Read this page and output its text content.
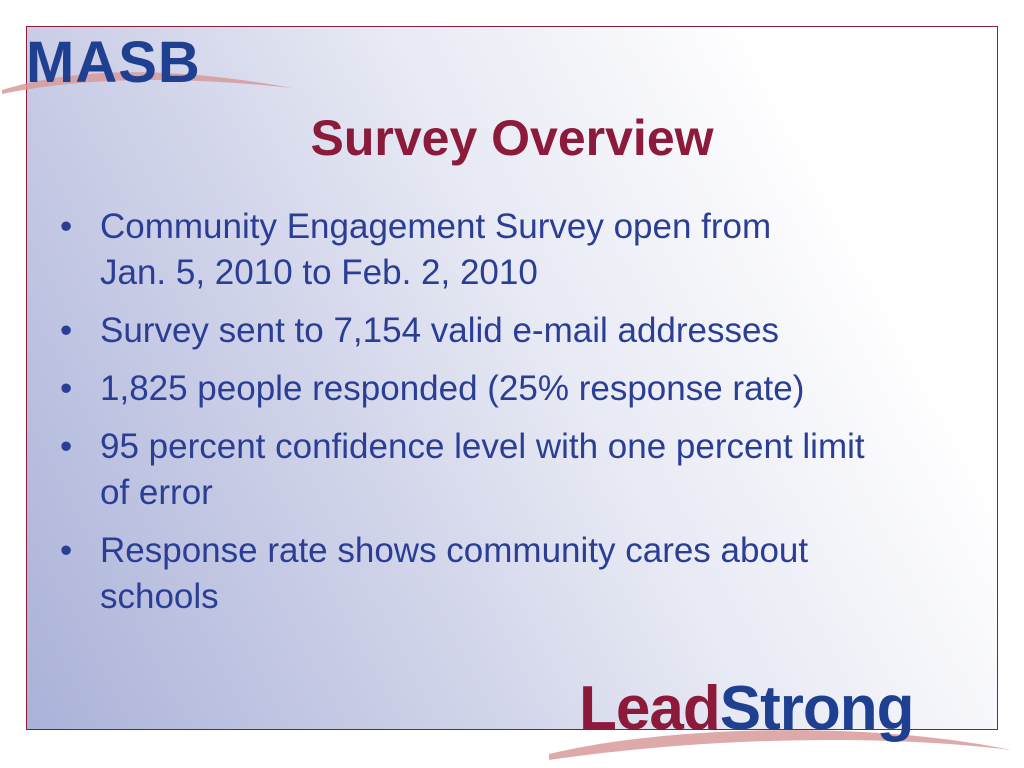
MASB
Survey Overview
• Community Engagement Survey open from
Jan. 5, 2010 to Feb. 2, 2010
• Survey sent to 7,154 valid e-mail addresses
• 1,825 people responded (25% response rate)
• 95 percent confidence level with one percent limit
of error
• Response rate shows community cares about
schools
LeadStrong
